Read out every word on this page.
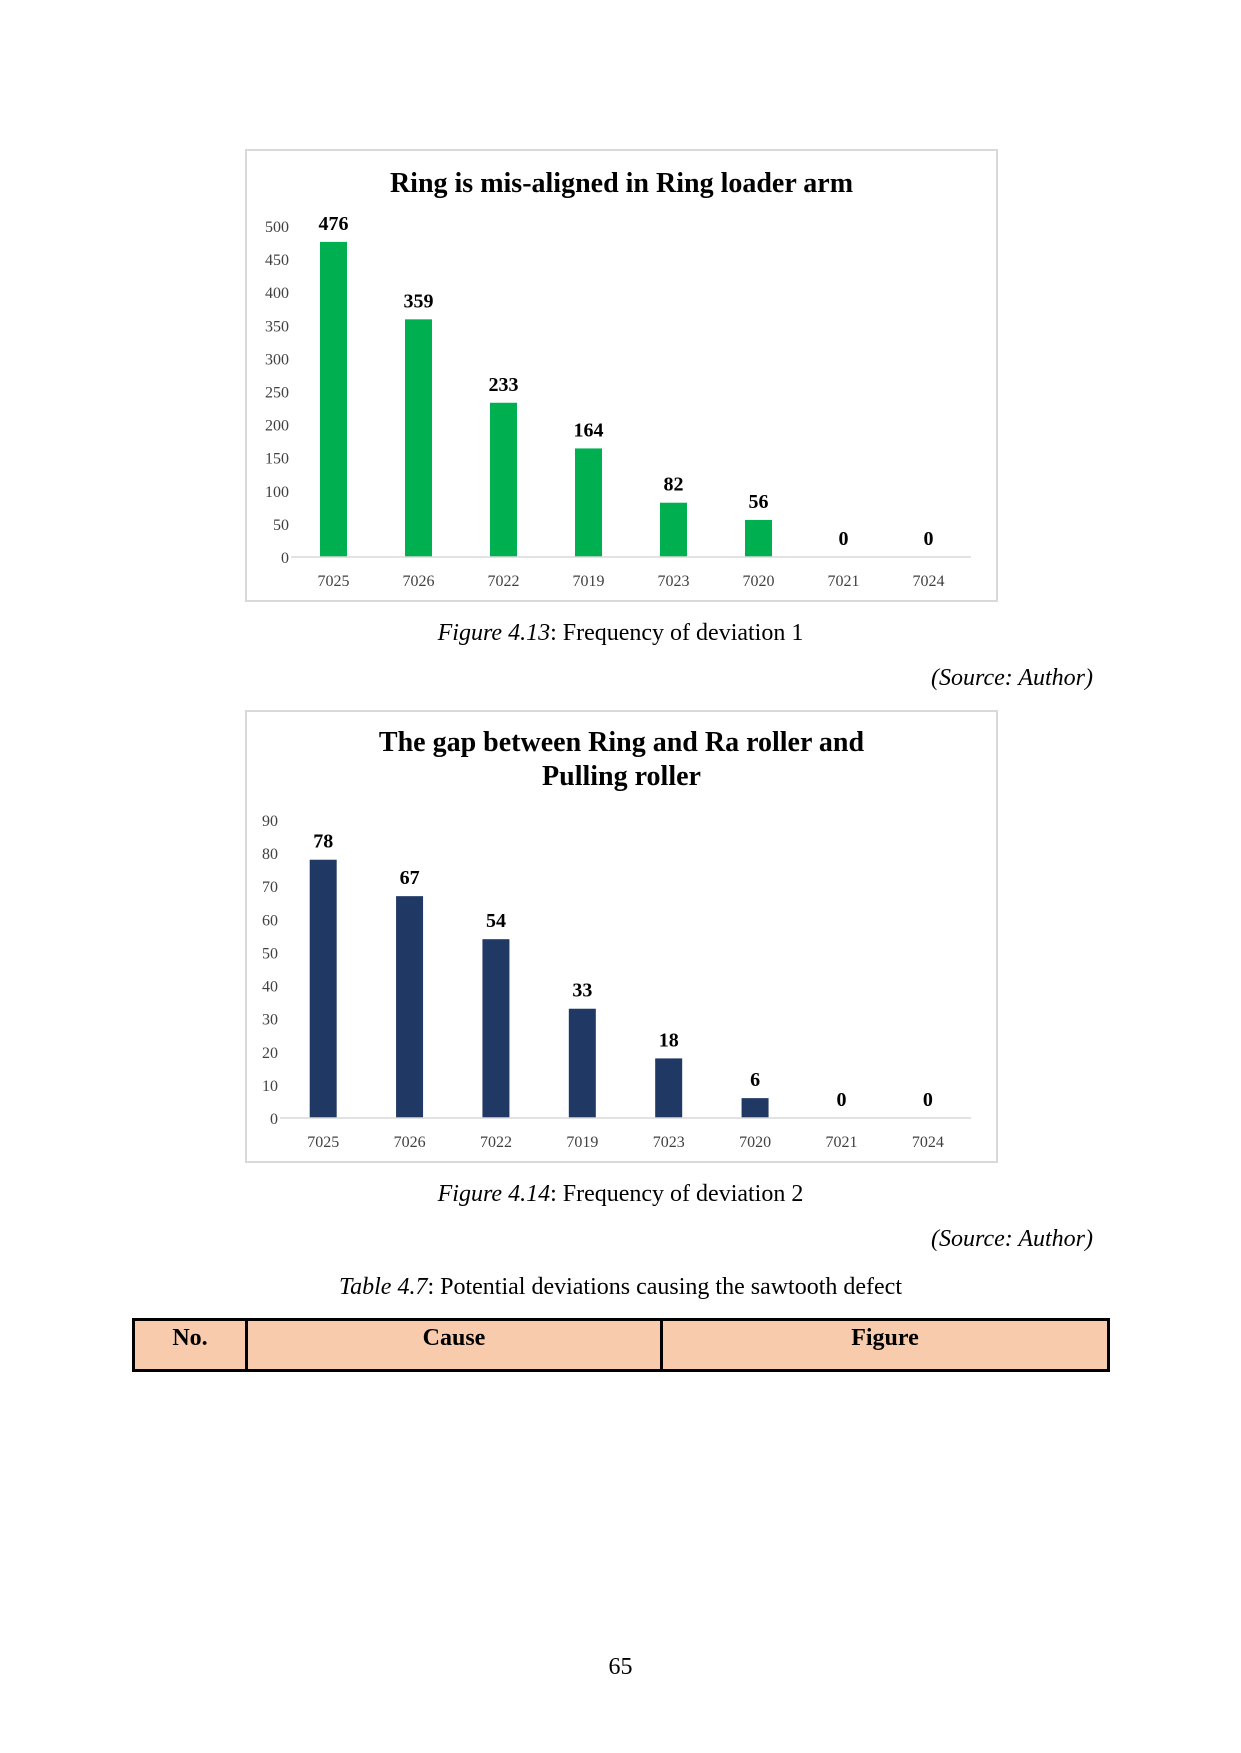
Ring is mis-aligned in Ring loader arm
0
50
100
150
200
250
300
350
400
450
500 476
7025
359
7026
233
7022
164
7019
82
7023
56
7020
0
7021
0
7024
Figure 4.13: Frequency of deviation 1
(Source: Author)
The gap between Ring and Ra roller and
Pulling roller
0
10
20
30
40
50
60
70
80
90
78
7025
67
7026
54
7022
33
7019
18
7023
6
7020
0
7021
0
7024
Figure 4.14: Frequency of deviation 2
(Source: Author)
Table 4.7: Potential deviations causing the sawtooth defect
No.	Cause	Figure
65
